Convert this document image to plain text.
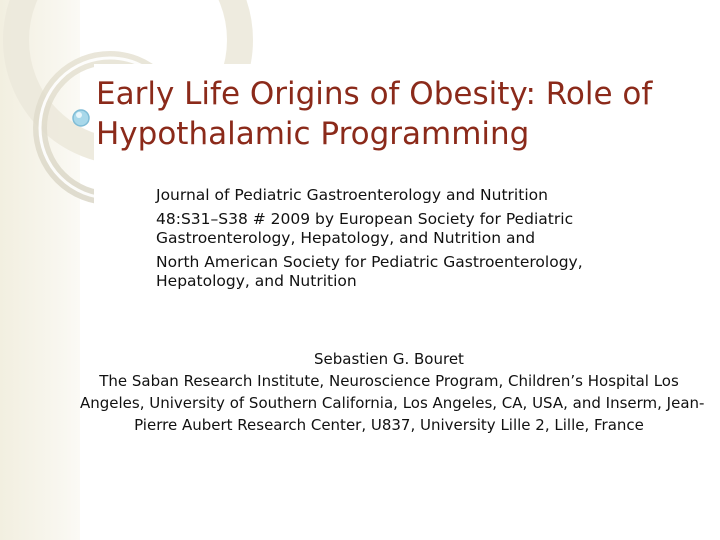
Early Life Origins of Obesity: Role of
Hypothalamic Programming

Journal of Pediatric Gastroenterology and Nutrition

48:S31–S38 # 2009 by European Society for Pediatric
Gastroenterology, Hepatology, and Nutrition and

North American Society for Pediatric Gastroenterology,
Hepatology, and Nutrition

Sebastien G. Bouret
The Saban Research Institute, Neuroscience Program, Children’s Hospital Los
Angeles, University of Southern California, Los Angeles, CA, USA, and Inserm, Jean-
Pierre Aubert Research Center, U837, University Lille 2, Lille, France
